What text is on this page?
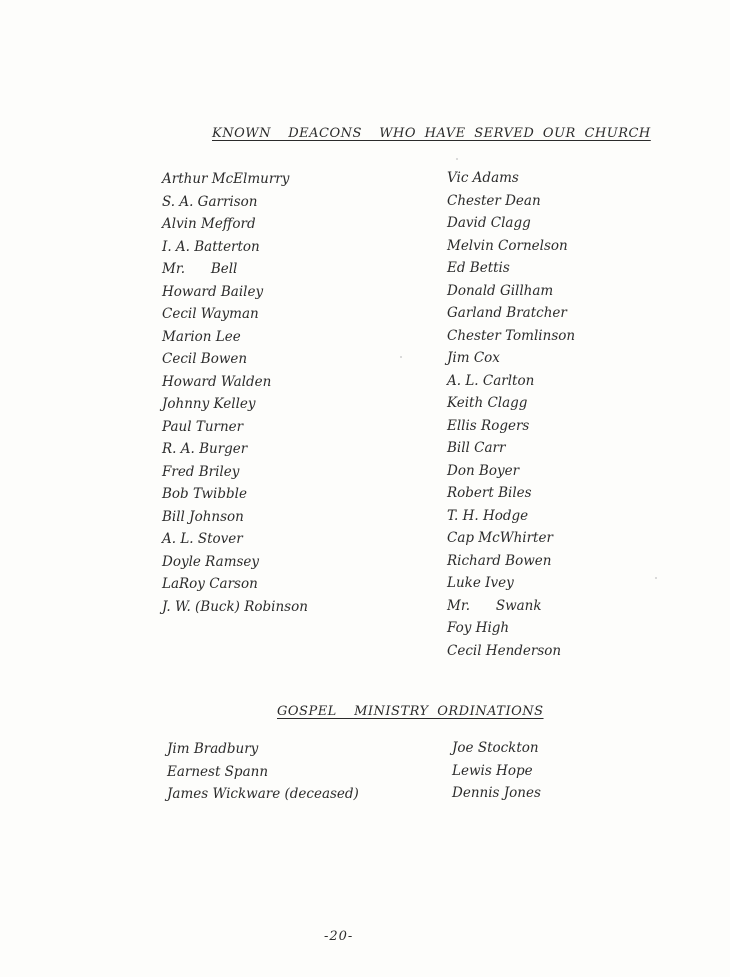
KNOWN  DEACONS  WHO HAVE SERVED OUR CHURCH
Arthur McElmurry
S. A. Garrison
Alvin Mefford
I. A. Batterton
Mr.      Bell
Howard Bailey
Cecil Wayman
Marion Lee
Cecil Bowen
Howard Walden
Johnny Kelley
Paul Turner
R. A. Burger
Fred Briley
Bob Twibble
Bill Johnson
A. L. Stover
Doyle Ramsey
LaRoy Carson
J. W. (Buck) Robinson
Vic Adams
Chester Dean
David Clagg
Melvin Cornelson
Ed Bettis
Donald Gillham
Garland Bratcher
Chester Tomlinson
Jim Cox
A. L. Carlton
Keith Clagg
Ellis Rogers
Bill Carr
Don Boyer
Robert Biles
T. H. Hodge
Cap McWhirter
Richard Bowen
Luke Ivey
Mr.      Swank
Foy High
Cecil Henderson
GOSPEL  MINISTRY ORDINATIONS
Jim Bradbury
Earnest Spann
James Wickware (deceased)
Joe Stockton
Lewis Hope
Dennis Jones

-20-
